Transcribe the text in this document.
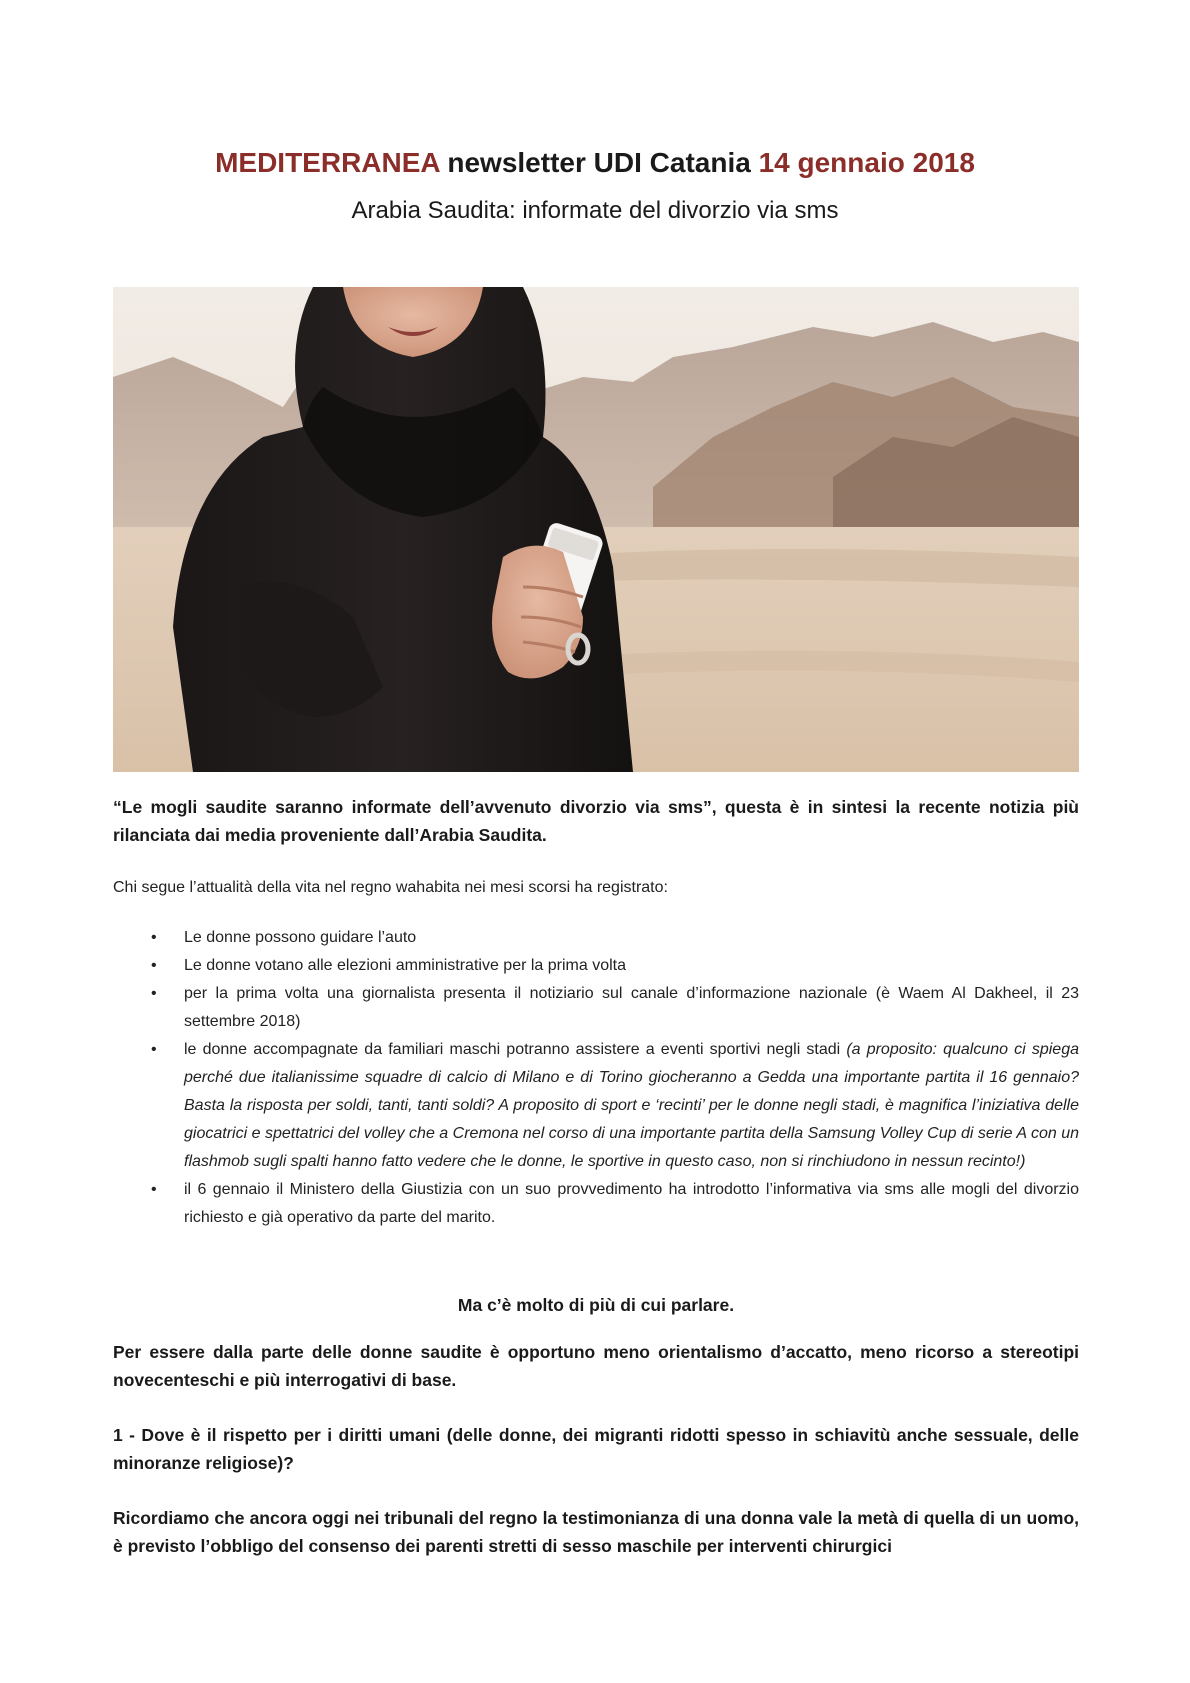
MEDITERRANEA newsletter UDI Catania 14 gennaio 2018
Arabia Saudita: informate del divorzio via sms
“Le mogli saudite saranno informate dell’avvenuto divorzio via sms”, questa è in sintesi la recente notizia più rilanciata dai media proveniente dall’Arabia Saudita.
Chi segue l’attualità della vita nel regno wahabita nei mesi scorsi ha registrato:
• Le donne possono guidare l’auto
• Le donne votano alle elezioni amministrative per la prima volta
• per la prima volta una giornalista presenta il notiziario sul canale d’informazione nazionale (è Waem Al Dakheel, il 23 settembre 2018)
• le donne accompagnate da familiari maschi potranno assistere a eventi sportivi negli stadi (a proposito: qualcuno ci spiega perché due italianissime squadre di calcio di Milano e di Torino giocheranno a Gedda una importante partita il 16 gennaio? Basta la risposta per soldi, tanti, tanti soldi? A proposito di sport e ‘recinti’ per le donne negli stadi, è magnifica l’iniziativa delle giocatrici e spettatrici del volley che a Cremona nel corso di una importante partita della Samsung Volley Cup di serie A con un flashmob sugli spalti hanno fatto vedere che le donne, le sportive in questo caso, non si rinchiudono in nessun recinto!)
• il 6 gennaio il Ministero della Giustizia con un suo provvedimento ha introdotto l’informativa via sms alle mogli del divorzio richiesto e già operativo da parte del marito.
Ma c’è molto di più di cui parlare.
Per essere dalla parte delle donne saudite è opportuno meno orientalismo d’accatto, meno ricorso a stereotipi novecenteschi e più interrogativi di base.
1 - Dove è il rispetto per i diritti umani (delle donne, dei migranti ridotti spesso in schiavitù anche sessuale, delle minoranze religiose)?
Ricordiamo che ancora oggi nei tribunali del regno la testimonianza di una donna vale la metà di quella di un uomo, è previsto l’obbligo del consenso dei parenti stretti di sesso maschile per interventi chirurgici
